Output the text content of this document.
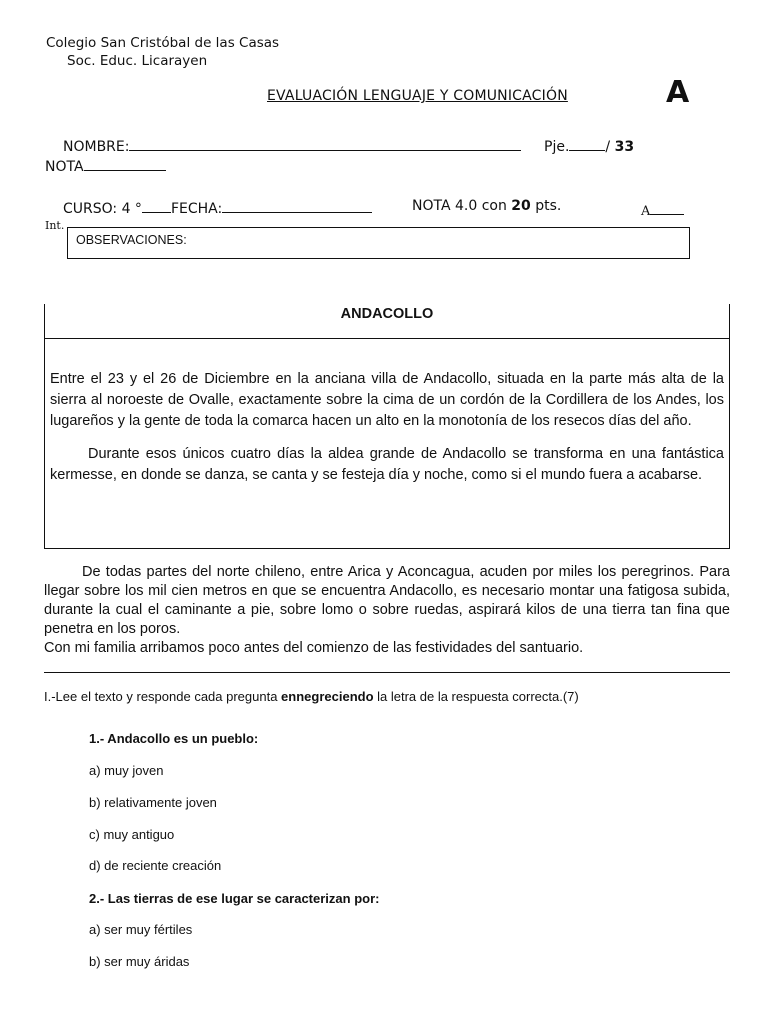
Colegio San Cristóbal de las Casas
Soc. Educ. Licarayen
EVALUACIÓN LENGUAJE Y COMUNICACIÓN	A
NOMBRE:	Pje.	/ 33
NOTA
CURSO: 4 ° FECHA:	NOTA 4.0 con 20 pts.	A
Int.
OBSERVACIONES:
ANDACOLLO

Entre el 23 y el 26 de Diciembre en la anciana villa de Andacollo, situada en la parte más alta de la sierra al noroeste de Ovalle, exactamente sobre la cima de un cordón de la Cordillera de los Andes, los lugareños y la gente de toda la comarca hacen un alto en la monotonía de los resecos días del año.

Durante esos únicos cuatro días la aldea grande de Andacollo se transforma en una fantástica kermesse, en donde se danza, se canta y se festeja día y noche, como si el mundo fuera a acabarse.

De todas partes del norte chileno, entre Arica y Aconcagua, acuden por miles los peregrinos. Para llegar sobre los mil cien metros en que se encuentra Andacollo, es necesario montar una fatigosa subida, durante la cual el caminante a pie, sobre lomo o sobre ruedas, aspirará kilos de una tierra tan fina que penetra en los poros.

Con mi familia arribamos poco antes del comienzo de las festividades del santuario.

I.-Lee el texto y responde cada pregunta ennegreciendo la letra de la respuesta correcta.(7)
1.- Andacollo es un pueblo:
a) muy joven
b) relativamente joven
c) muy antiguo
d) de reciente creación
2.- Las tierras de ese lugar se caracterizan por:
a) ser muy fértiles
b) ser muy áridas
